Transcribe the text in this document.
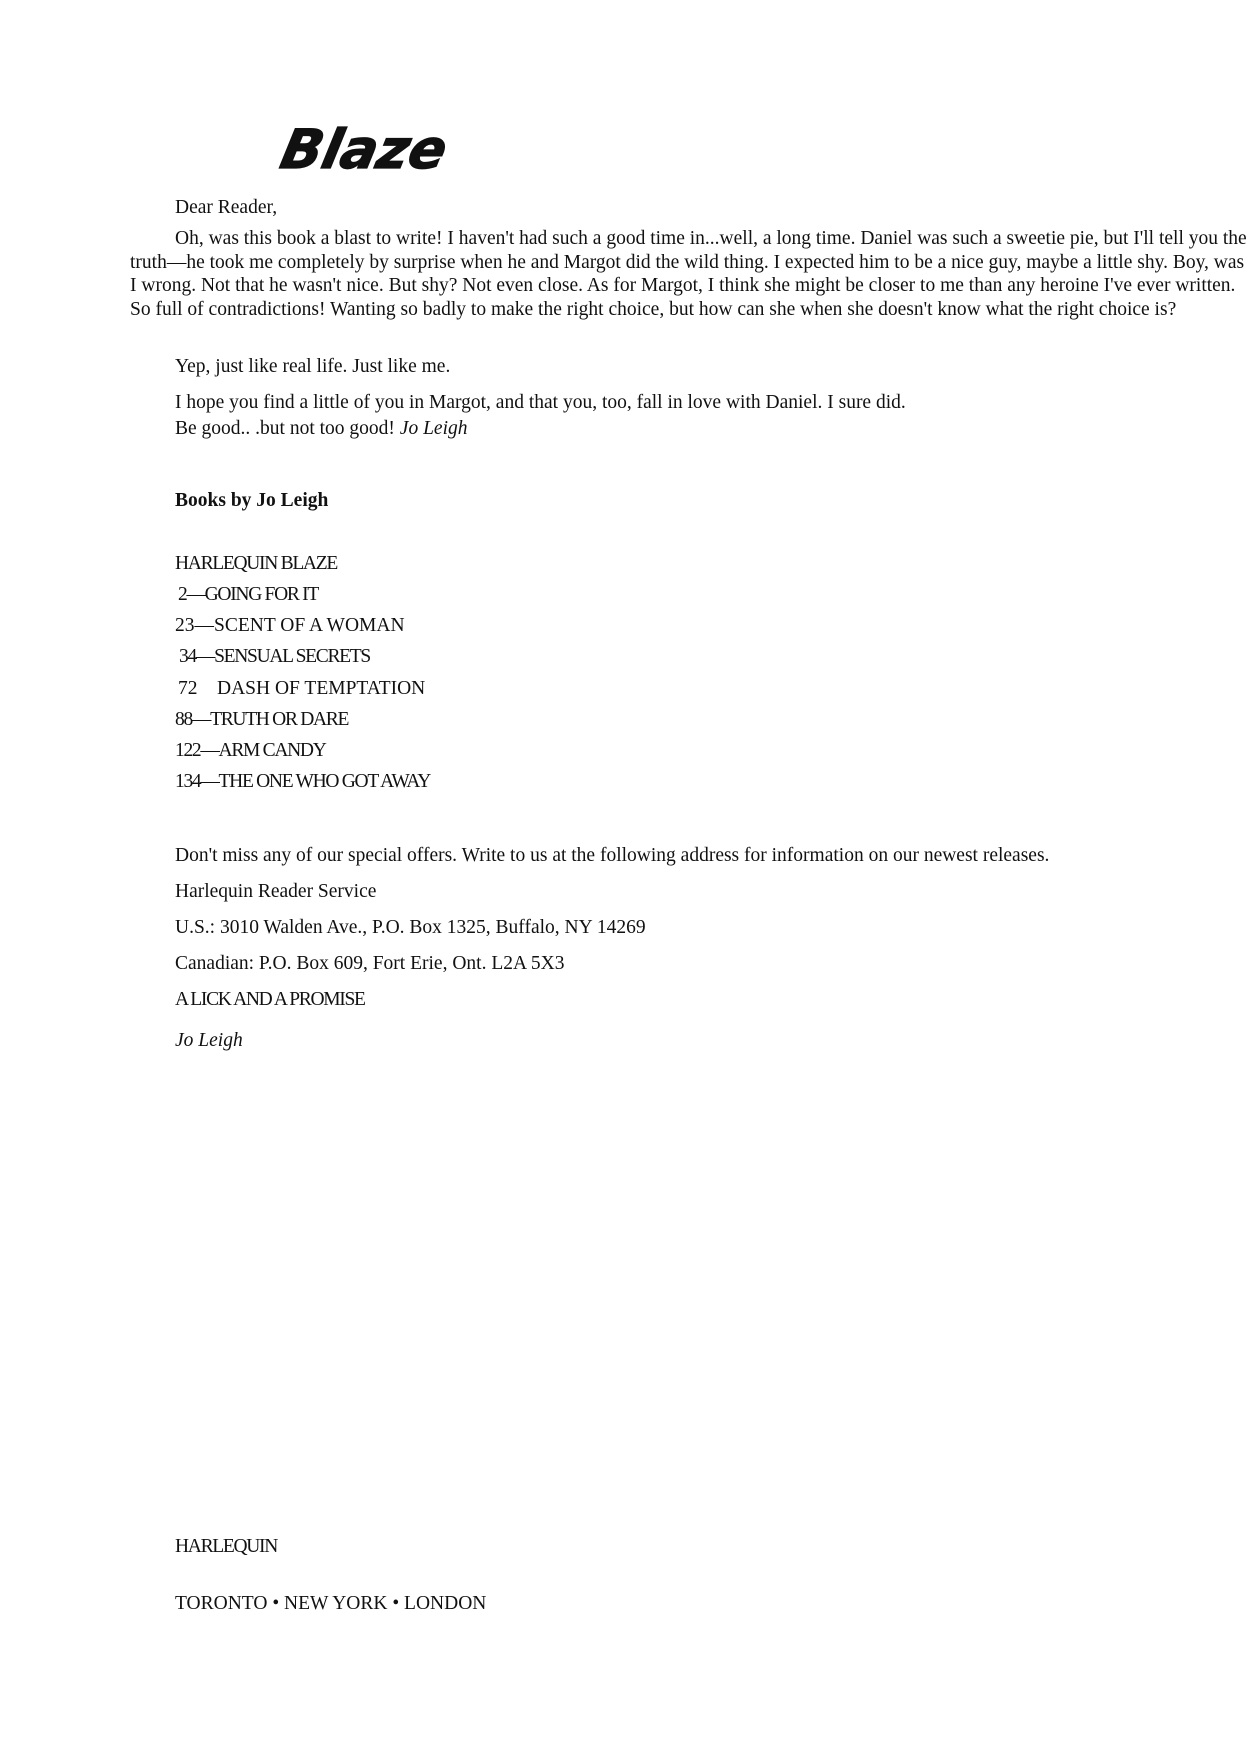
Blaze
Dear Reader,
Oh, was this book a blast to write! I haven't had such a good time in...well, a long time. Daniel was such a sweetie pie, but I'll tell you the truth—he took me completely by surprise when he and Margot did the wild thing. I expected him to be a nice guy, maybe a little shy. Boy, was I wrong. Not that he wasn't nice. But shy? Not even close. As for Margot, I think she might be closer to me than any heroine I've ever written. So full of contradictions! Wanting so badly to make the right choice, but how can she when she doesn't know what the right choice is?
Yep, just like real life. Just like me.
I hope you find a little of you in Margot, and that you, too, fall in love with Daniel. I sure did.
Be good.. .but not too good! Jo Leigh
Books by Jo Leigh
HARLEQUIN BLAZE
2—GOING FOR IT
23—SCENT OF A WOMAN
34—SENSUAL SECRETS
72    DASH OF TEMPTATION
88—TRUTH OR DARE
122—ARM CANDY
134—THE ONE WHO GOT AWAY
Don't miss any of our special offers. Write to us at the following address for information on our newest releases.
Harlequin Reader Service
U.S.: 3010 Walden Ave., P.O. Box 1325, Buffalo, NY 14269
Canadian: P.O. Box 609, Fort Erie, Ont. L2A 5X3
A LICK AND A PROMISE
Jo Leigh
HARLEQUIN
TORONTO • NEW YORK • LONDON
